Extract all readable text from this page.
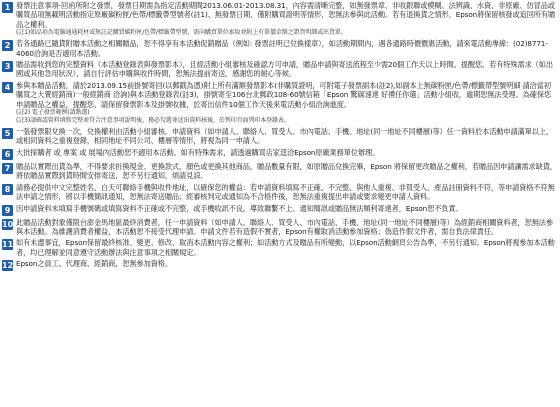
1 發票注意事項-回函所附之發票，發票日期需為指定活動期間2013.06.01-2013.08.31，內容需清晰完整，如無發票章、非收銀聯或模糊、法辨識、水資、非原廠、仿冒品或購買品項無載明活動指定原廠碳粉匣/色帶/標籤帶型號者(註1)、無發票日期、僅附購買證明等情形，恕無法參與此活動。若有退換貨之情形，Epson將保留核發或追回所有贈品之權利。
(註1)如品項為電腦通通耗材或無註記購買碳粉匣/色帶/標籤帶型號，需向購買單位索取並附上有單價金額之證貨明細或出貨單。
2 若各通路已隨貨附贈本活動之相關贈品，恕不得享有本活動促銷贈品（例如: 發票註明已兌換樣章），如活動期間內，遇各通路時價價惠活動，請來電活動專線：(02)8771-4060洽詢是否適用本活動。
3 贈品需收到您的完整資料（本活動登錄表與發票影本），且經活動小組審核及確認方可申請，贈品申請與寄送流程至少需20個工作天以上時間。提醒您，若有特殊需求（如出國或其他急用狀況），請自行評估申購與收件時間，恕無法提前寄送，感謝您的耐心等候。
4 參與本贈品活動，請於2013.09.15前掛號寄回(以郵戳為憑)附上所有滿額發票影本(非購買證明，可附電子發票副本(註2),如副本上無碳粉匣/色帶/標籤帶型號明細 請洽當初購買之大賣經銷商)一般經銷商 洽詢)與本活動登錄表(註3)，掛號寄至106台北郵政108-60號信箱「Epson 驚碳速達 好禮任你選」活動小組收，逾期恕無法受理。為確保您申請贈品之權益，提醒您，請保留發票影本及掛號收據，於寄出信件10個工作天後來電活動小組洽詢進度。
(註2) 電子發票範例(請點選)
(註3)請確認資料填寫完整並符合注意事項說明後，務必勾選並送出資料核後，於列印頁面列印本登錄表。
5 一張發票限兌換一次，兌換權利由活動小組審核。申請資料（如申請人、聯絡人、買受人、市內電話、手機、地址(同一地址不同樓層)等）任一資料於本活動申請滿單以上，或相同資料之重複登錄，相同地址不同公司、樓層等情形，將視為同一申請人。
6 大批採購者 或 專案 或 展場內活動恕不適用本活動。如有特殊需求，請透過購買店家逕洽Epson原廠業務單位辦理。
7 贈品以實際出貨為準，不得要求折換現金、更換款式、顏色或更換其他商品，贈品數量有限，如原贈品兌換完畢，Epson 將保留更改贈品之權利，若贈品因申請讓需求缺貨，將依贈品實際到貨時間安排寄送，恕不另行通知，煩請見諒。
8 請務必提供中文完整姓名、白天可聯絡手機與收件地址，以確保您的權益：若申請資料填寫不正確、不完整、與他人重複、非買受人、產品註冊資料不符，等申請資格不符無法申請之情形，將以手機簡訊通知，恕無法寄送贈品；經審核判定或通知為不合格件後，恕無法重複提出申請或要求變更申請人資料。
9 因申請資料未填寫手機號碼或填寫資料不正確或不完整，或手機收訊不良，導致聯繫不上、通知簡訊或贈品無法順利寄達者，Epson恕不負責。
10 此贈品活動對象僅限台澎金馬地區最終消費者，任一申請資料（如申請人、聯絡人、買受人、市內電話、手機、地址(同一地址不同樓層)等）為經銷商相關資料者，恕無法參與本活動。為維護消費者權益，本活動恕不接受代理申請。申請文件若有造假不實者，Epson有權取消活動參加資格；偽造作假文件者，需自負法律責任。
11 如有未盡事宜，Epson保留最終核准、變更、修改、取消本活動內容之權利；如活動方式及贈品有所變動，以Epson活動網頁公告為準，不另行通知。Epson將視參加本活動者，均已理解並同意遵守活動辦法與注意事項之相關規定。
12 Epson之員工、代理商、經銷商，恕無參加資格。
